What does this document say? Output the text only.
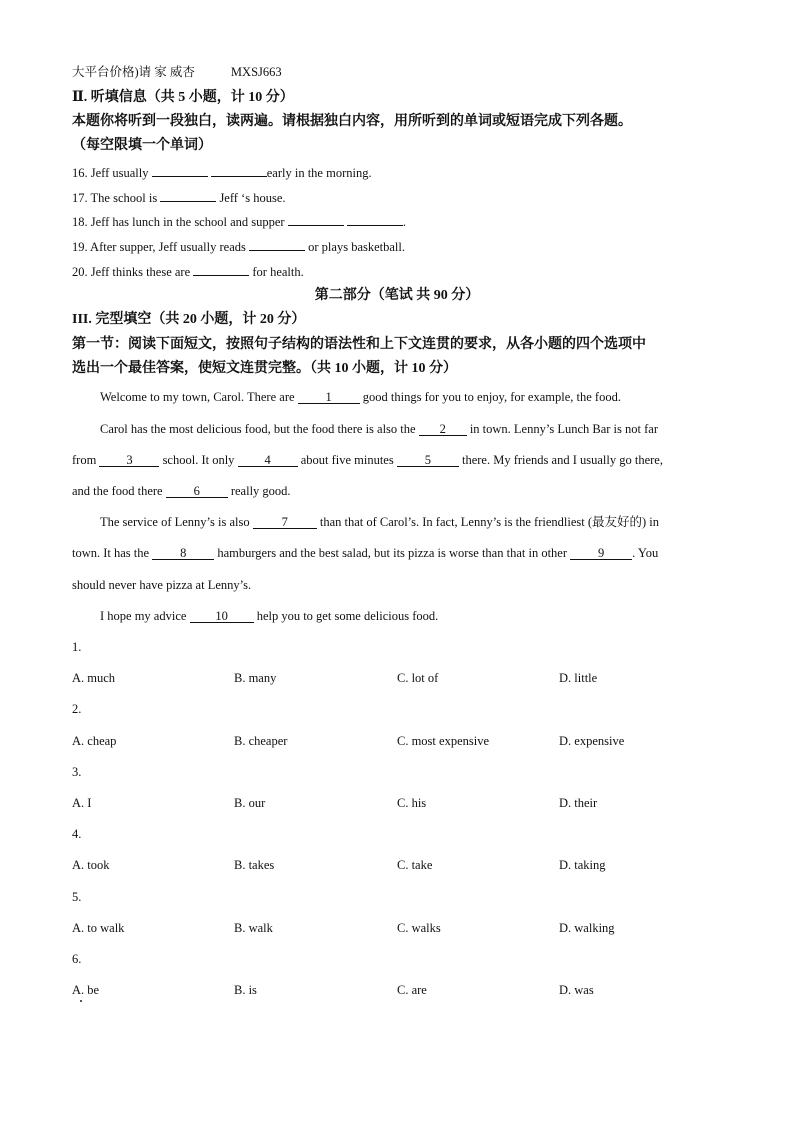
大平台价格)请 家 威杏	MXSJ663
Ⅱ. 听填信息（共 5 小题，计 10 分）
本题你将听到一段独白，读两遍。请根据独白内容，用所听到的单词或短语完成下列各题。
（每空限填一个单词）
16. Jeff usually	early in the morning.
17. The school is	Jeff ‘s house.
18. Jeff has lunch in the school and supper	.
19. After supper, Jeff usually reads	or plays basketball.
20. Jeff thinks these are	for health.
第二部分（笔试 共 90 分）
III. 完型填空（共 20 小题，计 20 分）
第一节：阅读下面短文，按照句子结构的语法性和上下文连贯的要求，从各小题的四个选项中
选出一个最佳答案，使短文连贯完整。（共 10 小题，计 10 分）
Welcome to my town, Carol. There are 1 good things for you to enjoy, for example, the food.
Carol has the most delicious food, but the food there is also the 2 in town. Lenny’s Lunch Bar is not far
from 3 school. It only 4 about five minutes 5 there. My friends and I usually go there,
and the food there 6 really good.
The service of Lenny’s is also	7	than that of Carol’s. In fact, Lenny’s is the friendliest (最友好的) in
town. It has the 8 hamburgers and the best salad, but its pizza is worse than that in other 9 . You
should never have pizza at Lenny’s.
I hope my advice 10 help you to get some delicious food.
1.
A. much	B. many	C. lot of	D. little
2.
A. cheap	B. cheaper	C. most expensive	D. expensive
3.
A. I	B. our	C. his	D. their
4.
A. took	B. takes	C. take	D. taking
5.
A. to walk	B. walk	C. walks	D. walking
6.
A. be	B. is	C. are	D. was
